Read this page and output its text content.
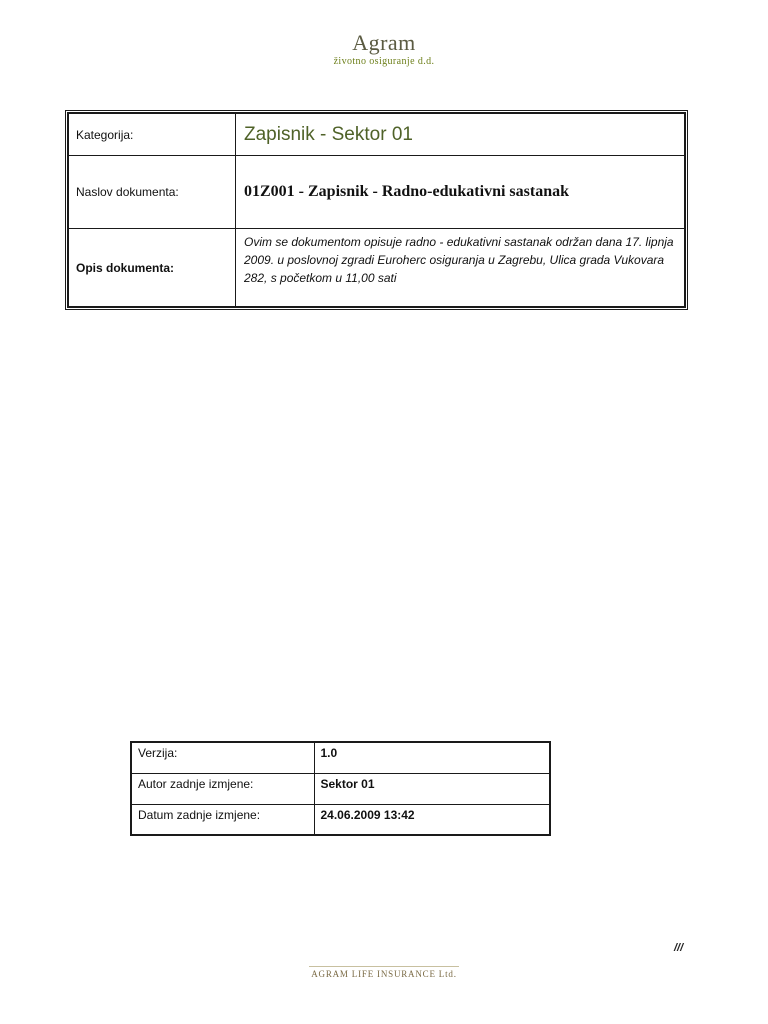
Agram
životno osiguranje d.d.
Kategorija:	Zapisnik - Sektor 01
Naslov dokumenta:	01Z001 - Zapisnik - Radno-edukativni sastanak
Opis dokumenta:	Ovim se dokumentom opisuje radno - edukativni sastanak održan dana 17. lipnja 2009. u poslovnoj zgradi Euroherc osiguranja u Zagrebu, Ulica grada Vukovara 282, s početkom u 11,00 sati
Verzija:	1.0
Autor zadnje izmjene:	Sektor 01
Datum zadnje izmjene:	24.06.2009 13:42
///
AGRAM LIFE INSURANCE Ltd.
